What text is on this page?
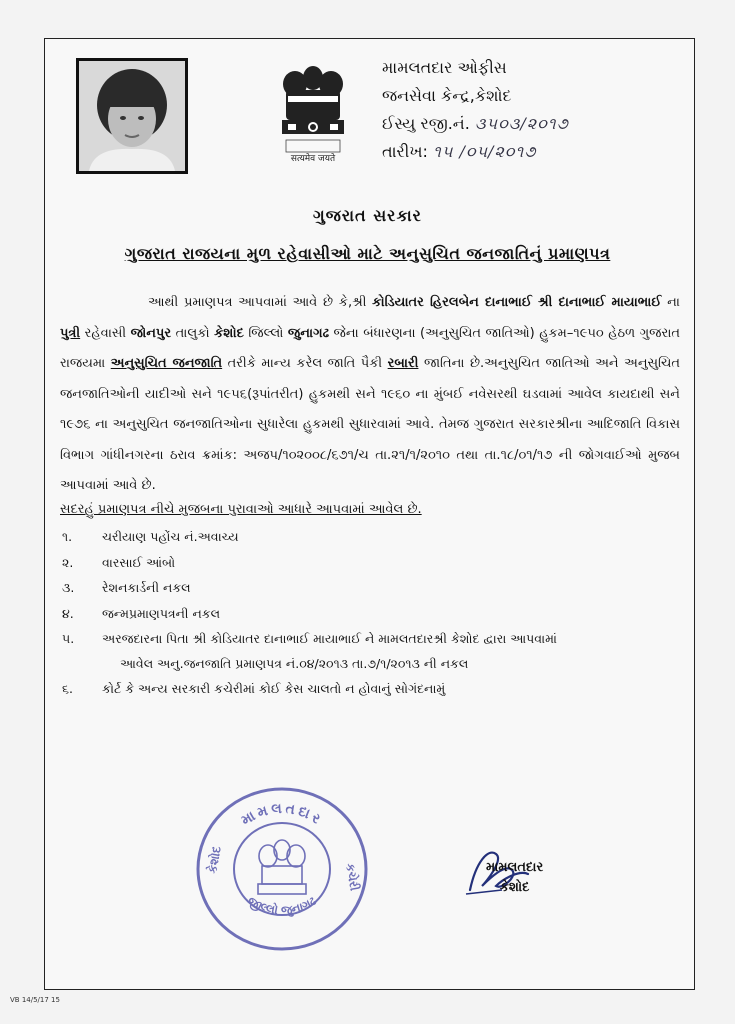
सत्यमेव जयते
મામલતદાર ઓફીસ
જનસેવા કેન્દ્ર,કેશોદ
ઈસ્યુ રજી.નં. ૩૫૦૩/૨૦૧૭
તારીખ: ૧૫ /૦૫/૨૦૧૭
ગુજરાત સરકાર
ગુજરાત રાજયના મુળ રહેવાસીઓ માટે અનુસુચિત જનજાતિનું પ્રમાણપત્ર
આથી પ્રમાણપત્ર આપવામાં આવે છે કે,શ્રી કોડિયાતર હિરલબેન દાનાભાઈ શ્રી દાનાભાઈ માયાભાઈ ના પુત્રી રહેવાસી જોનપુર તાલુકો કેશોદ જિલ્લો જુનાગઢ જેના બંધારણના (અનુસુચિત જાતિઓ) હુકમ–૧૯૫૦ હેઠળ ગુજરાત રાજયમા અનુસુચિત જનજાતિ તરીકે માન્ય કરેલ જાતિ પૈકી રબારી જાતિના છે.અનુસુચિત જાતિઓ અને અનુસુચિત જનજાતિઓની યાદીઓ સને ૧૯૫૬(રૂપાંતરીત) હુકમથી સને ૧૯૬૦ ના મુંબઈ નવેસરથી ઘડવામાં આવેલ કાયદાથી સને ૧૯૭૬ ના અનુસુચિત જનજાતિઓના સુધારેલા હુકમથી સુધારવામાં આવે. તેમજ ગુજરાત સરકારશ્રીના આદિજાતિ વિકાસ વિભાગ ગાંધીનગરના ઠરાવ ક્રમાંક: અજપ/૧૦૨૦૦૮/૬૭૧/ચ તા.૨૧/૧/૨૦૧૦ તથા તા.૧૮/૦૧/૧૭ ની જોગવાઈઓ મુજબ આપવામાં આવે છે.
સદરહું પ્રમાણપત્ર નીચે મુજબના પુરાવાઓ આધારે આપવામાં આવેલ છે.
૧.	ચરીયાણ પહોંચ નં.અવાચ્ય
૨.	વારસાઈ આંબો
૩.	રેશનકાર્ડની નકલ
૪.	જન્મપ્રમાણપત્રની નકલ
૫.	અરજદારના પિતા શ્રી કોડિયાતર દાનાભાઈ માયાભાઈ ને મામલતદારશ્રી કેશોદ દ્વારા આપવામાં
આવેલ અનુ.જનજાતિ પ્રમાણપત્ર નં.૦૪/૨૦૧૩ તા.૭/૧/૨૦૧૩ ની નકલ
૬.	કોર્ટ કે અન્ય સરકારી કચેરીમાં કોઈ કેસ ચાલતો ન હોવાનું સોગંદનામું
મામલતદાર
જીલ્લો જુનાગઢ
કેશોદ
કચેરી	મામલતદાર
કેશોદ
VB 14/5/17 15
